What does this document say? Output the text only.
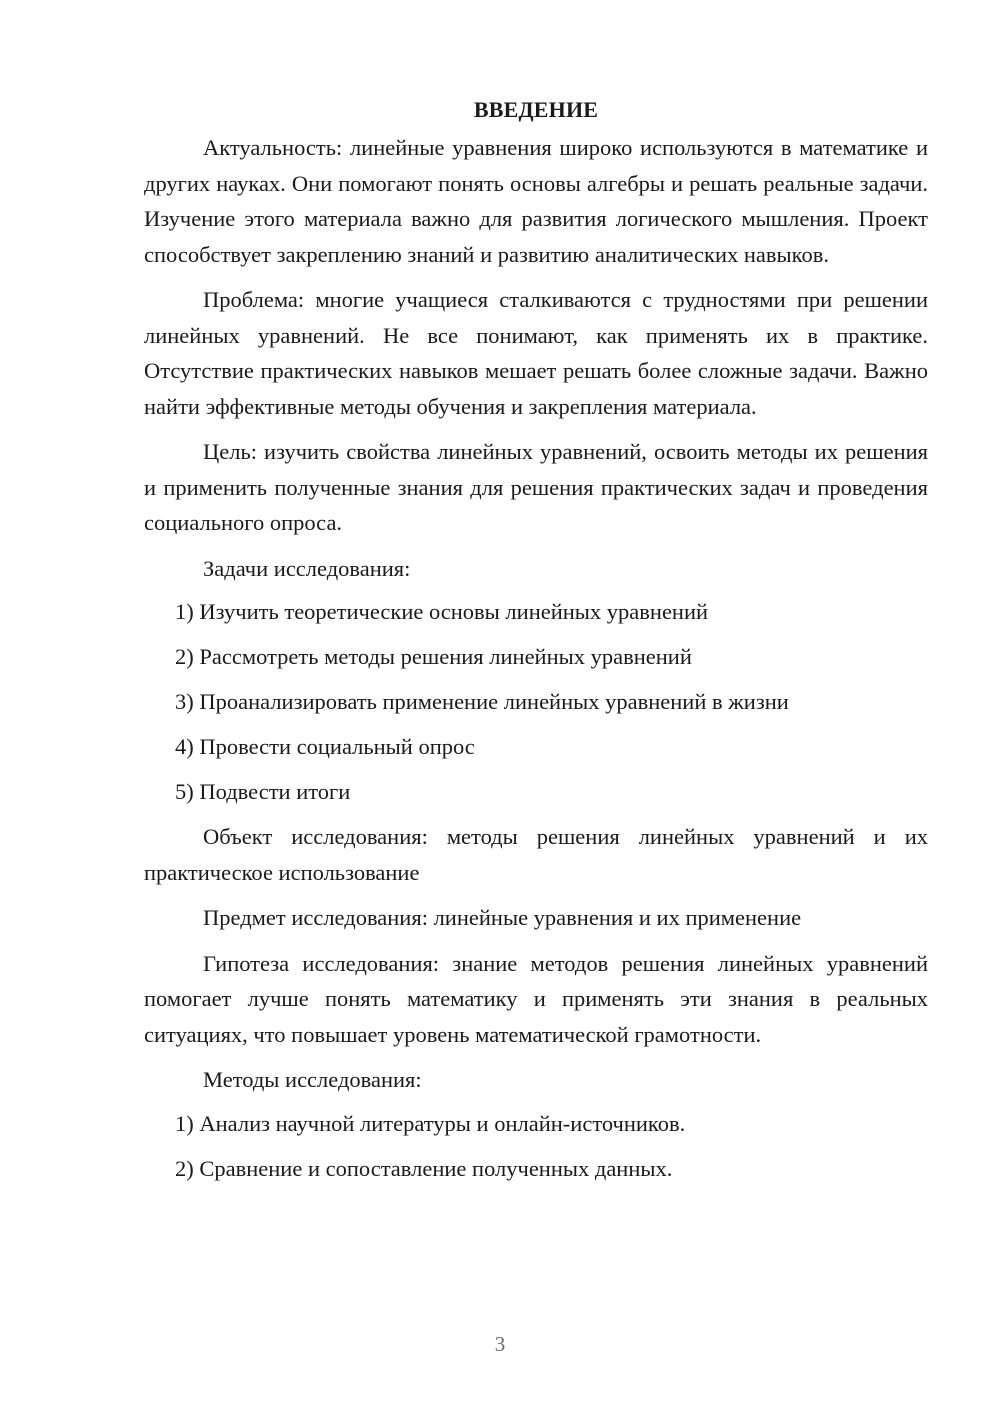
ВВЕДЕНИЕ

Актуальность: линейные уравнения широко используются в математике и других науках. Они помогают понять основы алгебры и решать реальные задачи. Изучение этого материала важно для развития логического мышления. Проект способствует закреплению знаний и развитию аналитических навыков.

Проблема: многие учащиеся сталкиваются с трудностями при решении линейных уравнений. Не все понимают, как применять их в практике. Отсутствие практических навыков мешает решать более сложные задачи. Важно найти эффективные методы обучения и закрепления материала.

Цель: изучить свойства линейных уравнений, освоить методы их решения и применить полученные знания для решения практических задач и проведения социального опроса.

Задачи исследования:

1) Изучить теоретические основы линейных уравнений
2) Рассмотреть методы решения линейных уравнений
3) Проанализировать применение линейных уравнений в жизни
4) Провести социальный опрос
5) Подвести итоги

Объект исследования: методы решения линейных уравнений и их практическое использование

Предмет исследования: линейные уравнения и их применение

Гипотеза исследования: знание методов решения линейных уравнений помогает лучше понять математику и применять эти знания в реальных ситуациях, что повышает уровень математической грамотности.

Методы исследования:

1) Анализ научной литературы и онлайн-источников.
2) Сравнение и сопоставление полученных данных.
3
